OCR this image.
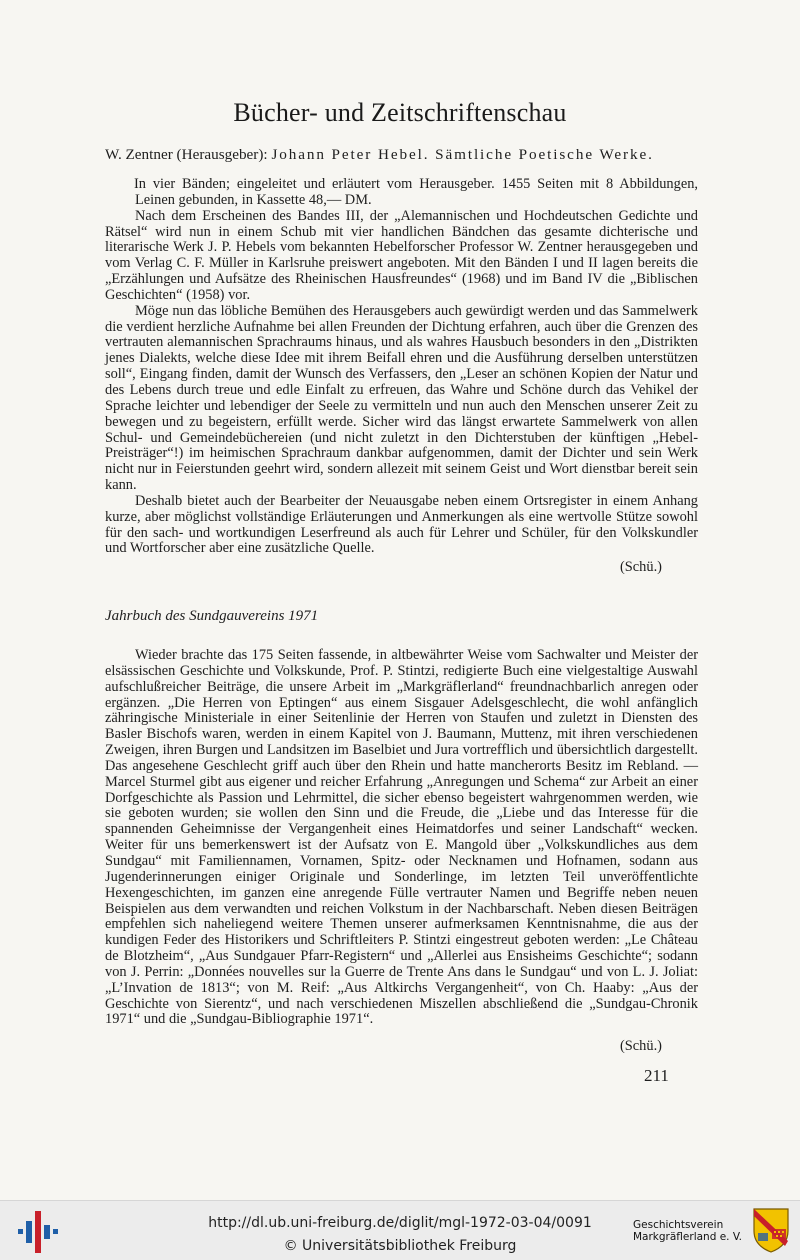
Bücher- und Zeitschriftenschau
W. Zentner (Herausgeber): Johann Peter Hebel. Sämtliche Poetische Werke.

In vier Bänden; eingeleitet und erläutert vom Herausgeber. 1455 Seiten mit 8 Abbildungen, Leinen gebunden, in Kassette 48,— DM.

Nach dem Erscheinen des Bandes III, der „Alemannischen und Hochdeutschen Gedichte und Rätsel“ wird nun in einem Schub mit vier handlichen Bändchen das gesamte dichterische und literarische Werk J. P. Hebels vom bekannten Hebelforscher Professor W. Zentner herausgegeben und vom Verlag C. F. Müller in Karlsruhe preiswert angeboten. Mit den Bänden I und II lagen bereits die „Erzählungen und Aufsätze des Rheinischen Hausfreundes“ (1968) und im Band IV die „Biblischen Geschichten“ (1958) vor.

Möge nun das löbliche Bemühen des Herausgebers auch gewürdigt werden und das Sammelwerk die verdient herzliche Aufnahme bei allen Freunden der Dichtung erfahren, auch über die Grenzen des vertrauten alemannischen Sprachraums hinaus, und als wahres Hausbuch besonders in den „Distrikten jenes Dialekts, welche diese Idee mit ihrem Beifall ehren und die Ausführung derselben unterstützen soll“, Eingang finden, damit der Wunsch des Verfassers, den „Leser an schönen Kopien der Natur und des Lebens durch treue und edle Einfalt zu erfreuen, das Wahre und Schöne durch das Vehikel der Sprache leichter und lebendiger der Seele zu vermitteln und nun auch den Menschen unserer Zeit zu bewegen und zu begeistern, erfüllt werde. Sicher wird das längst erwartete Sammelwerk von allen Schul- und Gemeindebüchereien (und nicht zuletzt in den Dichterstuben der künftigen „Hebel-Preisträger“!) im heimischen Sprachraum dankbar aufgenommen, damit der Dichter und sein Werk nicht nur in Feierstunden geehrt wird, sondern allezeit mit seinem Geist und Wort dienstbar bereit sein kann.

Deshalb bietet auch der Bearbeiter der Neuausgabe neben einem Ortsregister in einem Anhang kurze, aber möglichst vollständige Erläuterungen und Anmerkungen als eine wertvolle Stütze sowohl für den sach- und wortkundigen Leserfreund als auch für Lehrer und Schüler, für den Volkskundler und Wortforscher aber eine zusätzliche Quelle.

(Schü.)
Jahrbuch des Sundgauvereins 1971

Wieder brachte das 175 Seiten fassende, in altbewährter Weise vom Sachwalter und Meister der elsässischen Geschichte und Volkskunde, Prof. P. Stintzi, redigierte Buch eine vielgestaltige Auswahl aufschlußreicher Beiträge, die unsere Arbeit im „Markgräflerland“ freundnachbarlich anregen oder ergänzen. „Die Herren von Eptingen“ aus einem Sisgauer Adelsgeschlecht, die wohl anfänglich zähringische Ministeriale in einer Seitenlinie der Herren von Staufen und zuletzt in Diensten des Basler Bischofs waren, werden in einem Kapitel von J. Baumann, Muttenz, mit ihren verschiedenen Zweigen, ihren Burgen und Landsitzen im Baselbiet und Jura vortrefflich und übersichtlich dargestellt. Das angesehene Geschlecht griff auch über den Rhein und hatte mancherorts Besitz im Rebland. — Marcel Sturmel gibt aus eigener und reicher Erfahrung „Anregungen und Schema“ zur Arbeit an einer Dorfgeschichte als Passion und Lehrmittel, die sicher ebenso begeistert wahrgenommen werden, wie sie geboten wurden; sie wollen den Sinn und die Freude, die „Liebe und das Interesse für die spannenden Geheimnisse der Vergangenheit eines Heimatdorfes und seiner Landschaft“ wecken. Weiter für uns bemerkenswert ist der Aufsatz von E. Mangold über „Volkskundliches aus dem Sundgau“ mit Familiennamen, Vornamen, Spitz- oder Necknamen und Hofnamen, sodann aus Jugenderinnerungen einiger Originale und Sonderlinge, im letzten Teil unveröffentlichte Hexengeschichten, im ganzen eine anregende Fülle vertrauter Namen und Begriffe neben neuen Beispielen aus dem verwandten und reichen Volkstum in der Nachbarschaft. Neben diesen Beiträgen empfehlen sich naheliegend weitere Themen unserer aufmerksamen Kenntnisnahme, die aus der kundigen Feder des Historikers und Schriftleiters P. Stintzi eingestreut geboten werden: „Le Château de Blotzheim“, „Aus Sundgauer Pfarr-Registern“ und „Allerlei aus Ensisheims Geschichte“; sodann von J. Perrin: „Données nouvelles sur la Guerre de Trente Ans dans le Sundgau“ und von L. J. Joliat: „L’Invation de 1813“; von M. Reif: „Aus Altkirchs Vergangenheit“, von Ch. Haaby: „Aus der Geschichte von Sierentz“, und nach verschiedenen Miszellen abschließend die „Sundgau-Chronik 1971“ und die „Sundgau-Bibliographie 1971“.

(Schü.)
211
http://dl.ub.uni-freiburg.de/diglit/mgl-1972-03-04/0091
© Universitätsbibliothek Freiburg
Geschichtsverein
Markgräflerland e. V.
